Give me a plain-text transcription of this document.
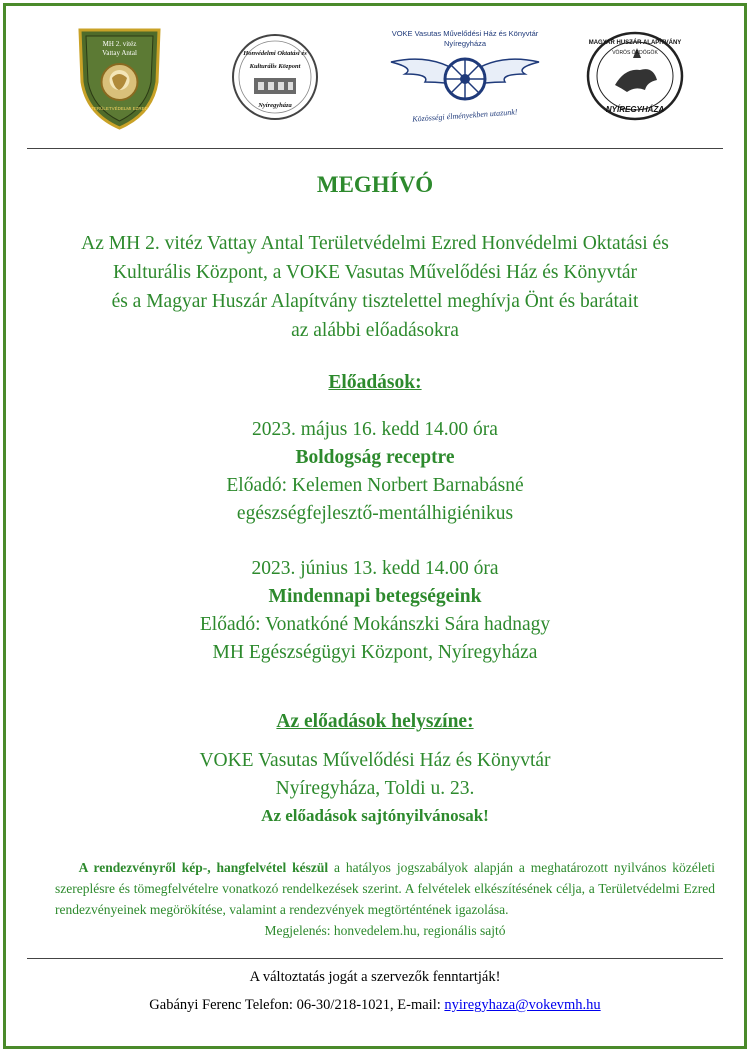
MH 2. vitéz
Vattay Antal
TERÜLETVÉDELMI EZRED
Honvédelmi Oktatási és
Kulturális Központ
Nyíregyháza
VOKE Vasutas Művelődési Ház és Könyvtár
Nyíregyháza
Közösségi élményekben utazunk!
MAGYAR HUSZÁR ALAPÍTVÁNY
VÖRÖS ŐRDÖGÖK
NYÍREGYHÁZA
MEGHÍVÓ
Az MH 2. vitéz Vattay Antal Területvédelmi Ezred Honvédelmi Oktatási és
Kulturális Központ, a VOKE Vasutas Művelődési Ház és Könyvtár
és a Magyar Huszár Alapítvány tisztelettel meghívja Önt és barátait
az alábbi előadásokra
Előadások:
2023. május 16. kedd 14.00 óra
Boldogság receptre
Előadó: Kelemen Norbert Barnabásné
egészségfejlesztő-mentálhigiénikus
2023. június 13. kedd 14.00 óra
Mindennapi betegségeink
Előadó: Vonatkóné Mokánszki Sára hadnagy
MH Egészségügyi Központ, Nyíregyháza
Az előadások helyszíne:
VOKE Vasutas Művelődési Ház és Könyvtár
Nyíregyháza, Toldi u. 23.
Az előadások sajtónyilvánosak!
A rendezvényről kép-, hangfelvétel készül a hatályos jogszabályok alapján a meghatározott nyilvános közéleti szereplésre és tömegfelvételre vonatkozó rendelkezések szerint. A felvételek elkészítésének célja, a Területvédelmi Ezred rendezvényeinek megörökítése, valamint a rendezvények megtörténtének igazolása.
Megjelenés: honvedelem.hu, regionális sajtó
A változtatás jogát a szervezők fenntartják!
Gabányi Ferenc Telefon: 06-30/218-1021, E-mail: nyiregyhaza@vokevmh.hu
